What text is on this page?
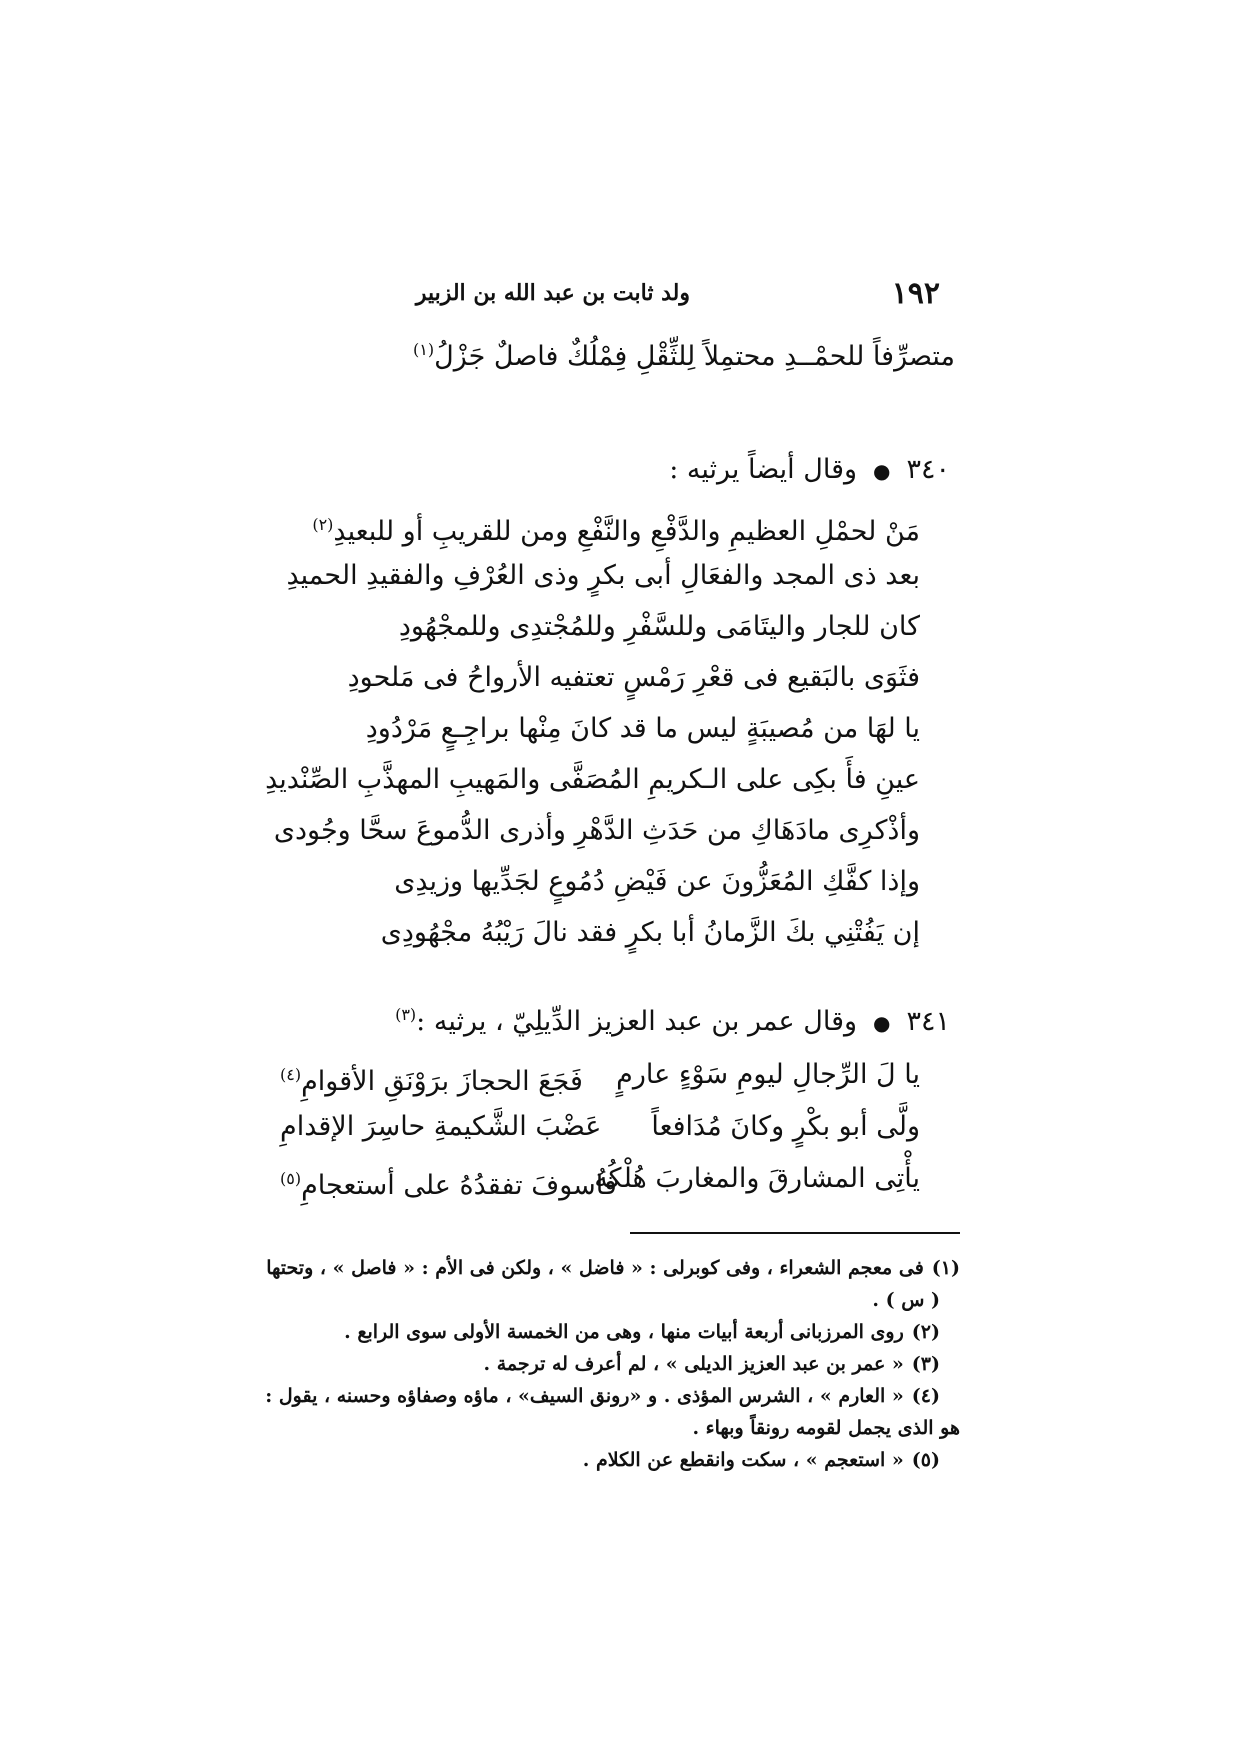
١٩٢
ولد ثابت بن عبد الله بن الزبير
متصرِّفاً للحمْــدِ محتمِلاً لِلثِّقْلِ فِمْلُكٌ فاصلٌ جَزْلُ$^{(١)}$
٣٤٠●وقال أيضاً يرثيه :
مَنْ لحمْلِ العظيمِ والدَّفْعِ والنَّفْعِ ومن للقريبِ أو للبعيدِ$^{(٢)}$
بعد ذى المجد والفعَالِ أبى بكرٍ وذى العُرْفِ والفقيدِ الحميدِ
كان للجار واليتَامَى وللسَّفْرِ وللمُجْتدِى وللمجْهُودِ
فثَوَى بالبَقيع فى قعْرِ رَمْسٍ تعتفيه الأرواحُ فى مَلحودِ
يا لهَا من مُصيبَةٍ ليس ما قد كانَ مِنْها براجِـعٍ مَرْدُودِ
عينِ فأَ بكِى على الـكريمِ المُصَفَّى والمَهيبِ المهذَّبِ الصِّنْديدِ
وأذْكرِى مادَهَاكِ من حَدَثِ الدَّهْرِ وأذرى الدُّموعَ سحَّا وجُودى
وإذا كفَّكِ المُعَزُّونَ عن فَيْضِ دُمُوعٍ لجَدِّيها وزيدِى
إن يَفُتْنِي بكَ الزَّمانُ أبا بكرٍ فقد نالَ رَيْبُهُ مجْهُودِى
٣٤١●وقال عمر بن عبد العزيز الدِّيلِيّ ، يرثيه :$^{(٣)}$
يا لَ الرِّجالِ ليومِ سَوْءٍ عارمٍ
فَجَعَ الحجازَ برَوْنَقِ الأقوامِ$^{(٤)}$
ولَّى أبو بكْرٍ وكانَ مُدَافعاً
عَضْبَ الشَّكيمةِ حاسِرَ الإقدامِ
يأْتِى المشارقَ والمغاربَ هُلْكُهُ
فاسوفَ تفقدُهُ على أستعجامِ$^{(٥)}$
(١)فى معجم الشعراء ، وفى كوبرلى : « فاضل » ، ولكن فى الأم : « فاصل » ، وتحتها
( س ) .
(٢)روى المرزبانى أربعة أبيات منها ، وهى من الخمسة الأولى سوى الرابع .
(٣)« عمر بن عبد العزيز الديلى » ، لم أعرف له ترجمة .
(٤)« العارم » ، الشرس المؤذى . و «رونق السيف» ، ماؤه وصفاؤه وحسنه ، يقول :
هو الذى يجمل لقومه رونقاً وبهاء .
(٥)« استعجم » ، سكت وانقطع عن الكلام .
